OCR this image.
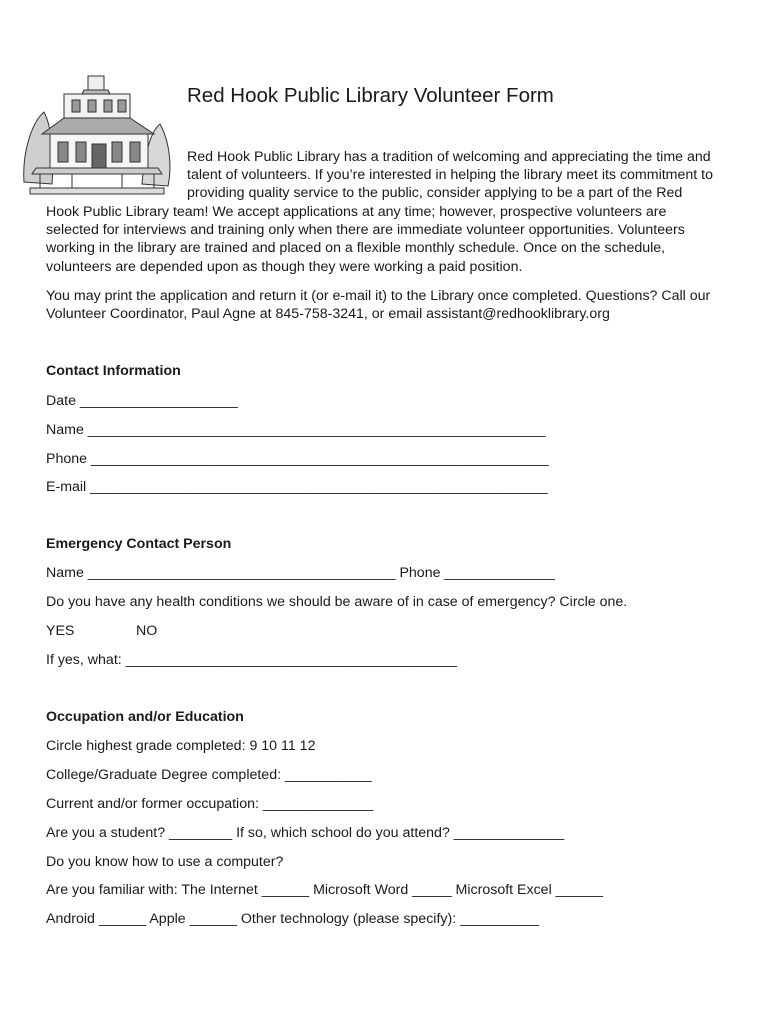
Red Hook Public Library Volunteer Form
Red Hook Public Library has a tradition of welcoming and appreciating the time and
talent of volunteers. If you’re interested in helping the library meet its commitment to
providing quality service to the public, consider applying to be a part of the Red
Hook Public Library team! We accept applications at any time; however, prospective volunteers are
selected for interviews and training only when there are immediate volunteer opportunities. Volunteers
working in the library are trained and placed on a flexible monthly schedule. Once on the schedule,
volunteers are depended upon as though they were working a paid position.
You may print the application and return it (or e-mail it) to the Library once completed. Questions? Call our
Volunteer Coordinator, Paul Agne at 845-758-3241, or email assistant@redhooklibrary.org
Contact Information
Date ____________________
Name __________________________________________________________
Phone __________________________________________________________
E-mail __________________________________________________________
Emergency Contact Person
Name _______________________________________ Phone ______________
Do you have any health conditions we should be aware of in case of emergency? Circle one.
YES	NO
If yes, what: __________________________________________
Occupation and/or Education
Circle highest grade completed: 9 10 11 12
College/Graduate Degree completed: ___________
Current and/or former occupation: ______________
Are you a student? ________ If so, which school do you attend? ______________
Do you know how to use a computer?
Are you familiar with: The Internet ______ Microsoft Word _____ Microsoft Excel ______
Android ______ Apple ______ Other technology (please specify): __________
